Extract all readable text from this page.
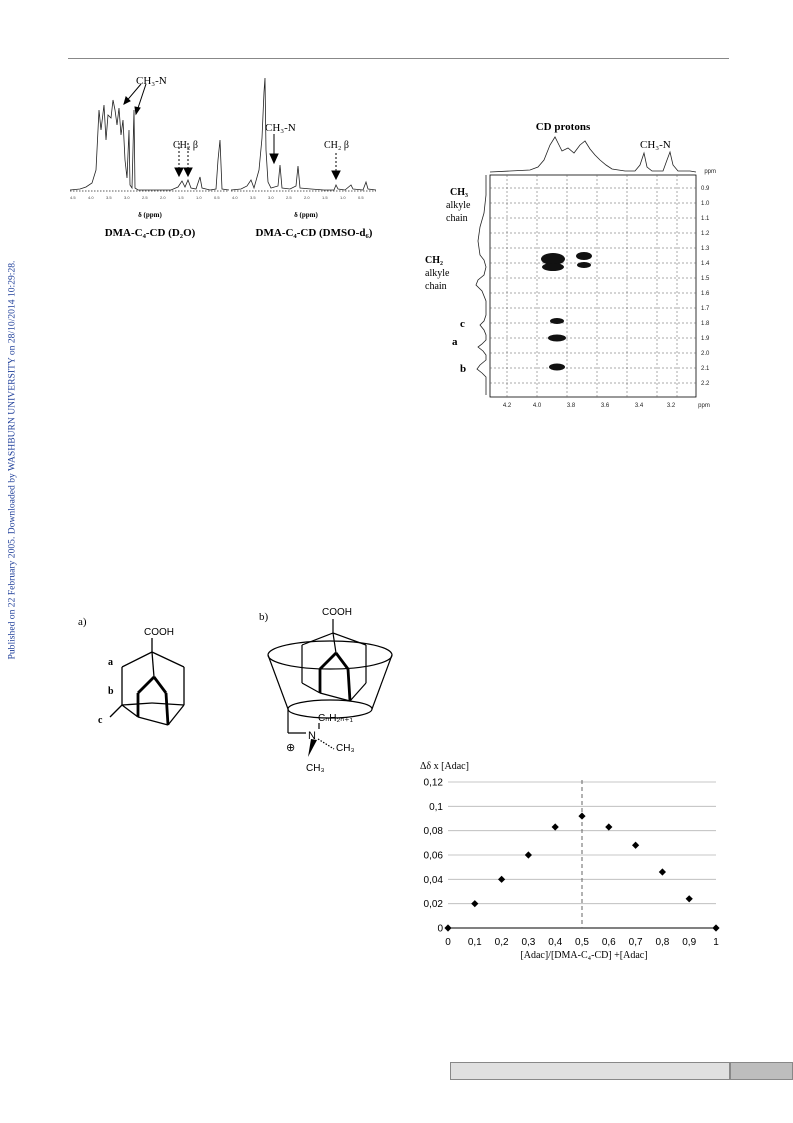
Published on 22 February 2005. Downloaded by WASHBURN UNIVERSITY on 28/10/2014 10:29:28.
4.5	4.0	3.5	3.0	2.5	2.0	1.5	1.0	0.5	4.0	3.5	3.0	2.5	2.0	1.5	1.0	0.5
CH₃-N
CH₂ β
CH₃-N
CH₂ β
δ (ppm)	δ (ppm)
DMA-C₄-CD (D₂O)	DMA-C₄-CD (DMSO-d₆)
CD protons
CH₃-N
ppm
0.9
1.0
1.1
1.2
1.3
1.4
1.5
1.6
1.7
1.8
1.9
2.0
2.1
2.2
4.2	4.0	3.8	3.6	3.4	3.2	ppm
CH₃
alkyle
chain
CH₂
alkyle
chain
c
a
b
a)	b)
COOH
a
b
c
COOH
CₙH₂ₙ₊₁
N
⊕	CH₃
CH₃	Δδ x [Adac]
0
0,02
0,04
0,06
0,08
0,1
0,12
0 0,1 0,2 0,3 0,4 0,5 0,6 0,7 0,8 0,9 1
[Adac]/[DMA-C₄-CD] +[Adac]
